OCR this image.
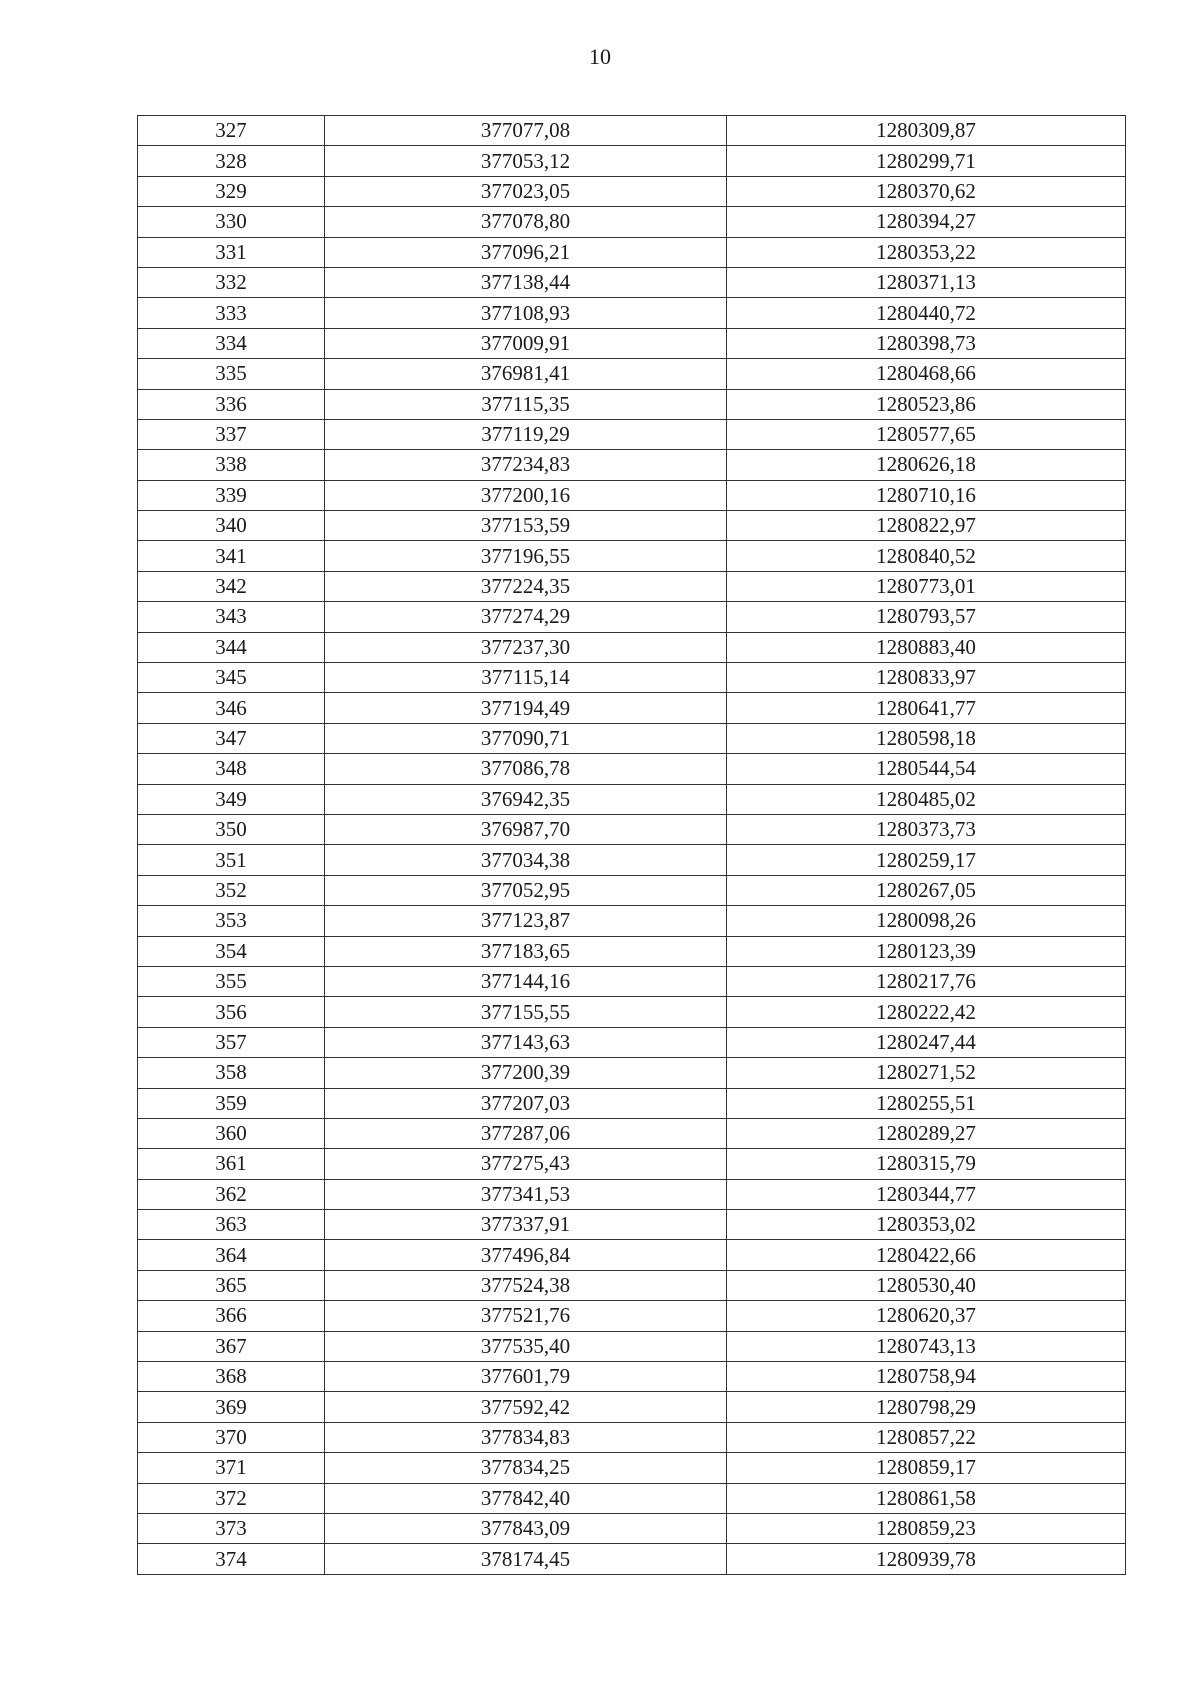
10
327	377077,08	1280309,87
328	377053,12	1280299,71
329	377023,05	1280370,62
330	377078,80	1280394,27
331	377096,21	1280353,22
332	377138,44	1280371,13
333	377108,93	1280440,72
334	377009,91	1280398,73
335	376981,41	1280468,66
336	377115,35	1280523,86
337	377119,29	1280577,65
338	377234,83	1280626,18
339	377200,16	1280710,16
340	377153,59	1280822,97
341	377196,55	1280840,52
342	377224,35	1280773,01
343	377274,29	1280793,57
344	377237,30	1280883,40
345	377115,14	1280833,97
346	377194,49	1280641,77
347	377090,71	1280598,18
348	377086,78	1280544,54
349	376942,35	1280485,02
350	376987,70	1280373,73
351	377034,38	1280259,17
352	377052,95	1280267,05
353	377123,87	1280098,26
354	377183,65	1280123,39
355	377144,16	1280217,76
356	377155,55	1280222,42
357	377143,63	1280247,44
358	377200,39	1280271,52
359	377207,03	1280255,51
360	377287,06	1280289,27
361	377275,43	1280315,79
362	377341,53	1280344,77
363	377337,91	1280353,02
364	377496,84	1280422,66
365	377524,38	1280530,40
366	377521,76	1280620,37
367	377535,40	1280743,13
368	377601,79	1280758,94
369	377592,42	1280798,29
370	377834,83	1280857,22
371	377834,25	1280859,17
372	377842,40	1280861,58
373	377843,09	1280859,23
374	378174,45	1280939,78
